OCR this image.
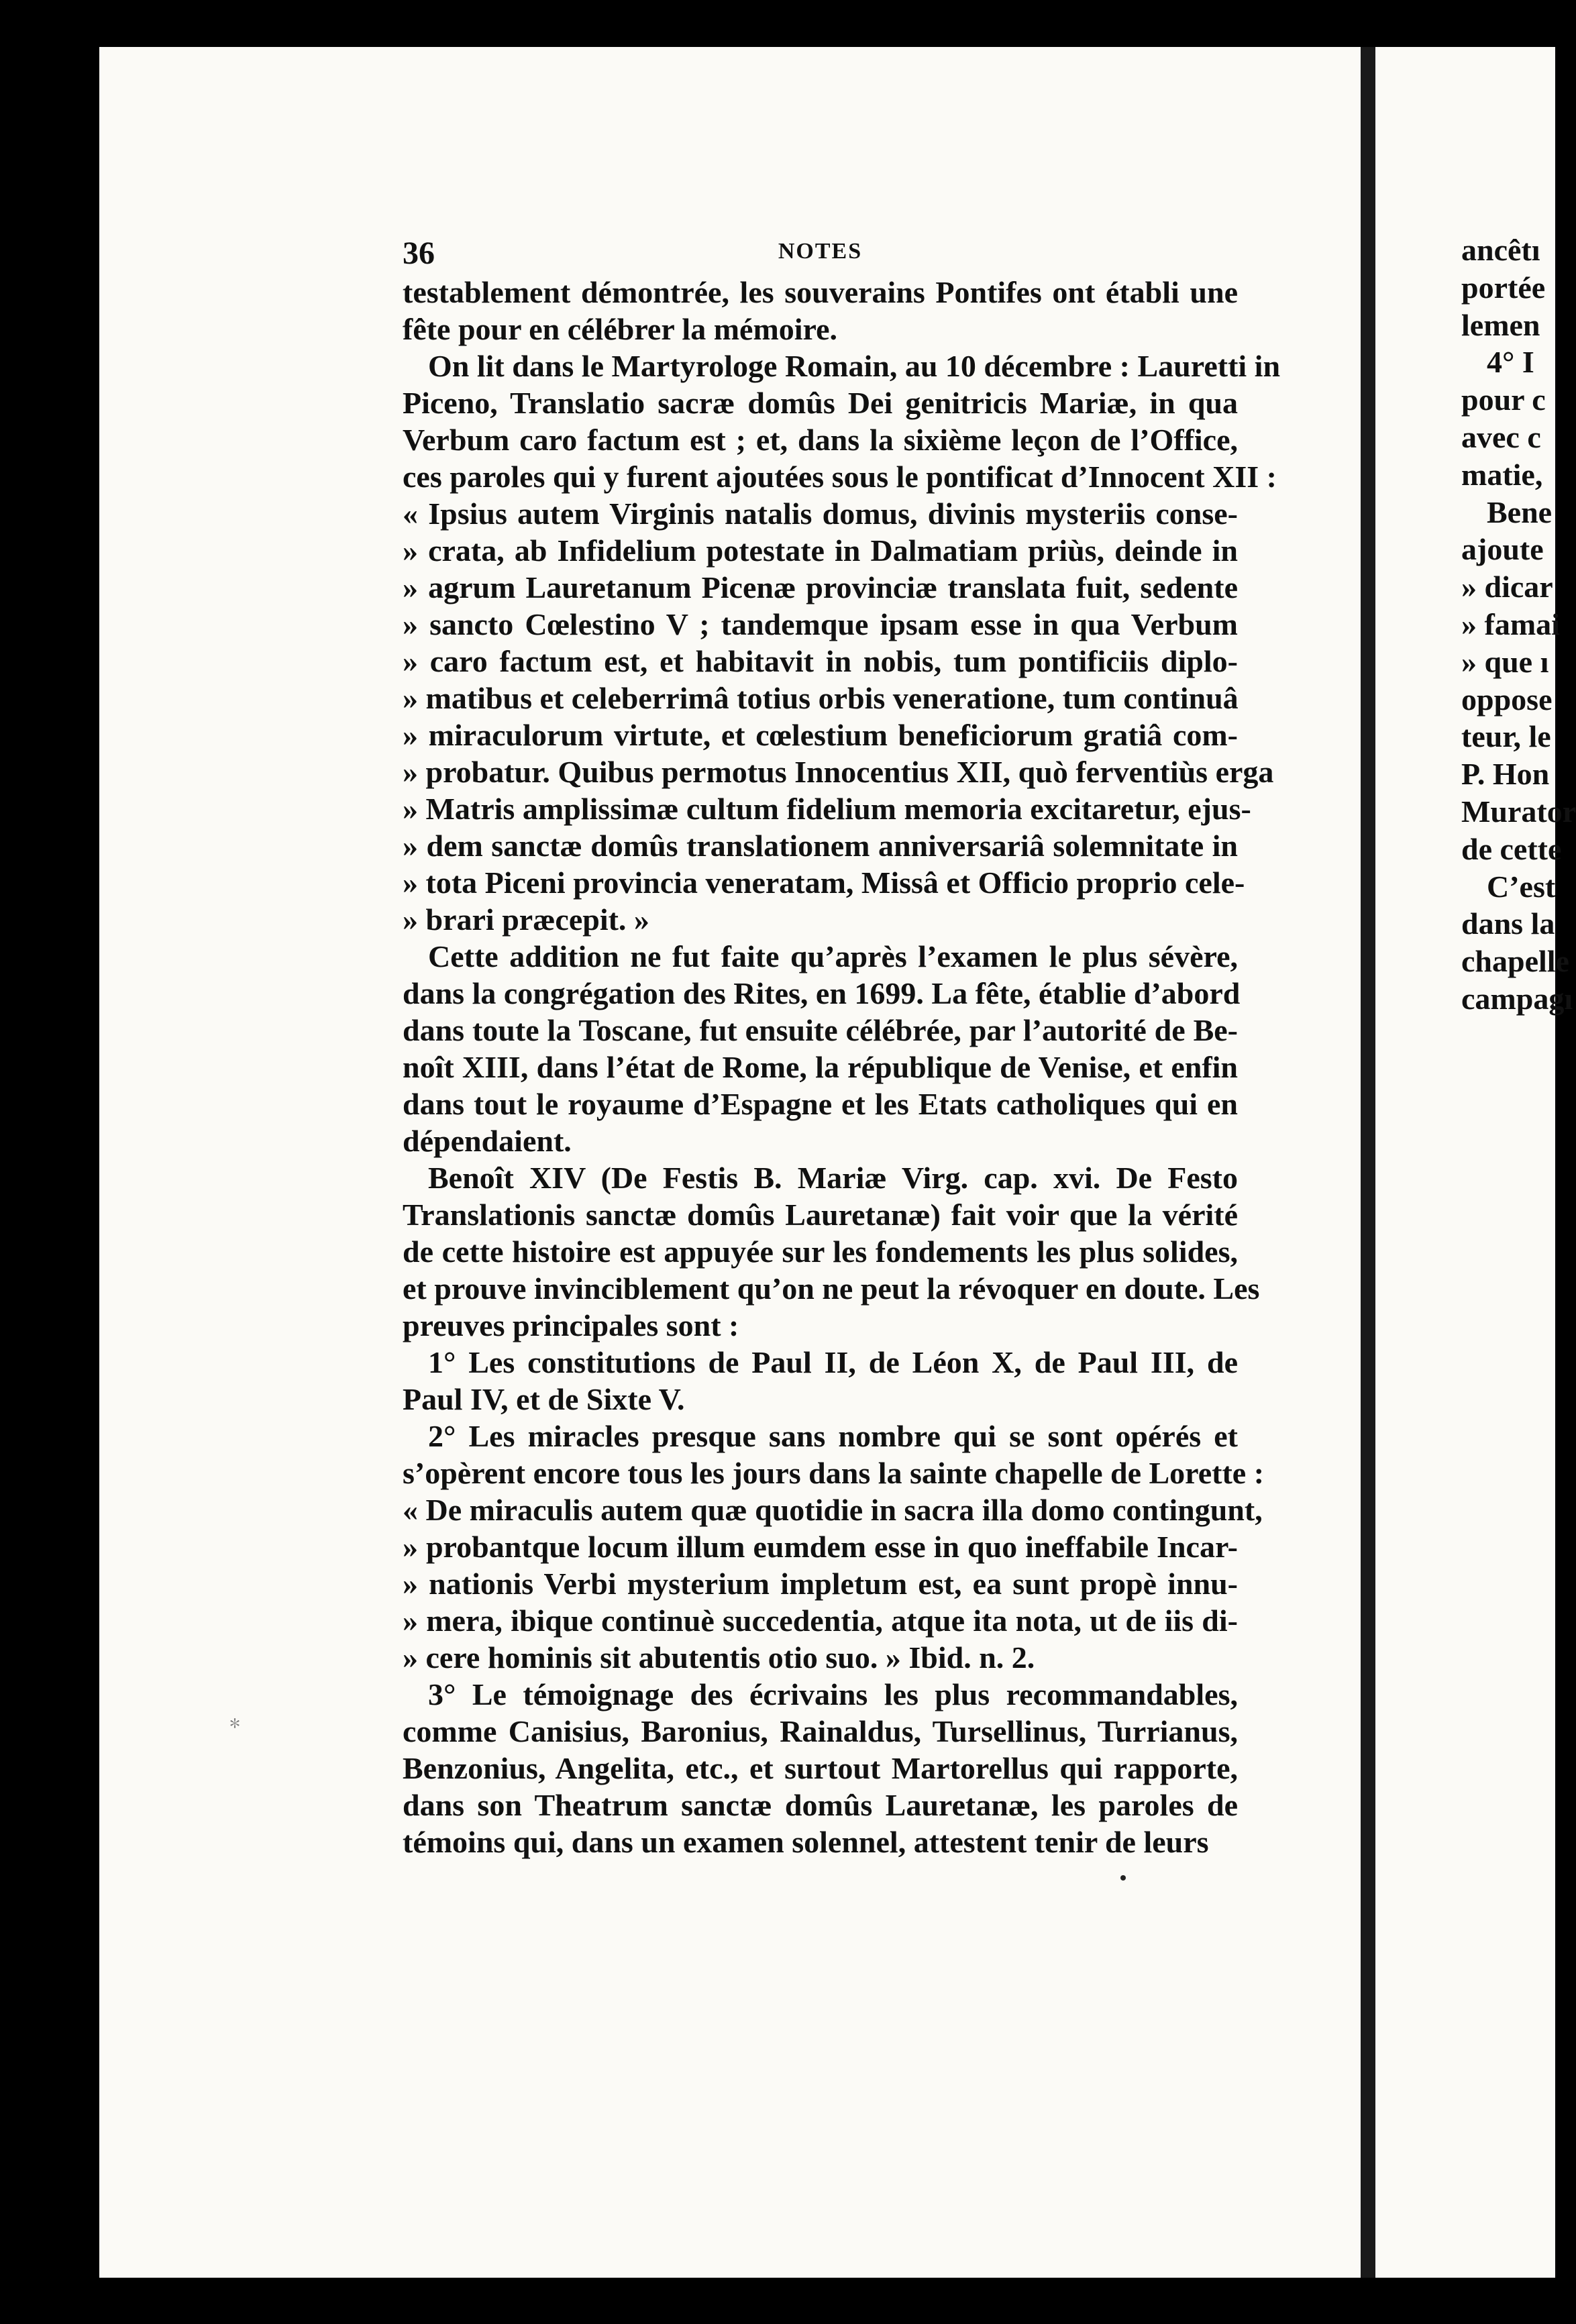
36	NOTES
testablement démontrée, les souverains Pontifes ont établi une
fête pour en célébrer la mémoire.
On lit dans le Martyrologe Romain, au 10 décembre : Lauretti in
Piceno, Translatio sacræ domûs Dei genitricis Mariæ, in qua
Verbum caro factum est ; et, dans la sixième leçon de l’Office,
ces paroles qui y furent ajoutées sous le pontificat d’Innocent XII :
« Ipsius autem Virginis natalis domus, divinis mysteriis conse-
» crata, ab Infidelium potestate in Dalmatiam priùs, deinde in
» agrum Lauretanum Picenæ provinciæ translata fuit, sedente
» sancto Cœlestino V ; tandemque ipsam esse in qua Verbum
» caro factum est, et habitavit in nobis, tum pontificiis diplo-
» matibus et celeberrimâ totius orbis veneratione, tum continuâ
» miraculorum virtute, et cœlestium beneficiorum gratiâ com-
» probatur. Quibus permotus Innocentius XII, quò ferventiùs erga
» Matris amplissimæ cultum fidelium memoria excitaretur, ejus-
» dem sanctæ domûs translationem anniversariâ solemnitate in
» tota Piceni provincia veneratam, Missâ et Officio proprio cele-
» brari præcepit. »
Cette addition ne fut faite qu’après l’examen le plus sévère,
dans la congrégation des Rites, en 1699. La fête, établie d’abord
dans toute la Toscane, fut ensuite célébrée, par l’autorité de Be-
noît XIII, dans l’état de Rome, la république de Venise, et enfin
dans tout le royaume d’Espagne et les Etats catholiques qui en
dépendaient.
Benoît XIV (De Festis B. Mariæ Virg. cap. xvi. De Festo
Translationis sanctæ domûs Lauretanæ) fait voir que la vérité
de cette histoire est appuyée sur les fondements les plus solides,
et prouve invinciblement qu’on ne peut la révoquer en doute. Les
preuves principales sont :
1° Les constitutions de Paul II, de Léon X, de Paul III, de
Paul IV, et de Sixte V.
2° Les miracles presque sans nombre qui se sont opérés et
s’opèrent encore tous les jours dans la sainte chapelle de Lorette :
« De miraculis autem quæ quotidie in sacra illa domo contingunt,
» probantque locum illum eumdem esse in quo ineffabile Incar-
» nationis Verbi mysterium impletum est, ea sunt propè innu-
» mera, ibique continuè succedentia, atque ita nota, ut de iis di-
» cere hominis sit abutentis otio suo. » Ibid. n. 2.
3° Le témoignage des écrivains les plus recommandables,
comme Canisius, Baronius, Rainaldus, Tursellinus, Turrianus,
Benzonius, Angelita, etc., et surtout Martorellus qui rapporte,
dans son Theatrum sanctæ domûs Lauretanæ, les paroles de
témoins qui, dans un examen solennel, attestent tenir de leurs
ancêtı
portée
lemen
4° I
pour c
avec c
matie,
Bene
ajoute
» dicar
» famai
» que ı
oppose
teur, le
P. Hon
Murator
de cette
C’est
dans la
chapelle
campagı
﹡
